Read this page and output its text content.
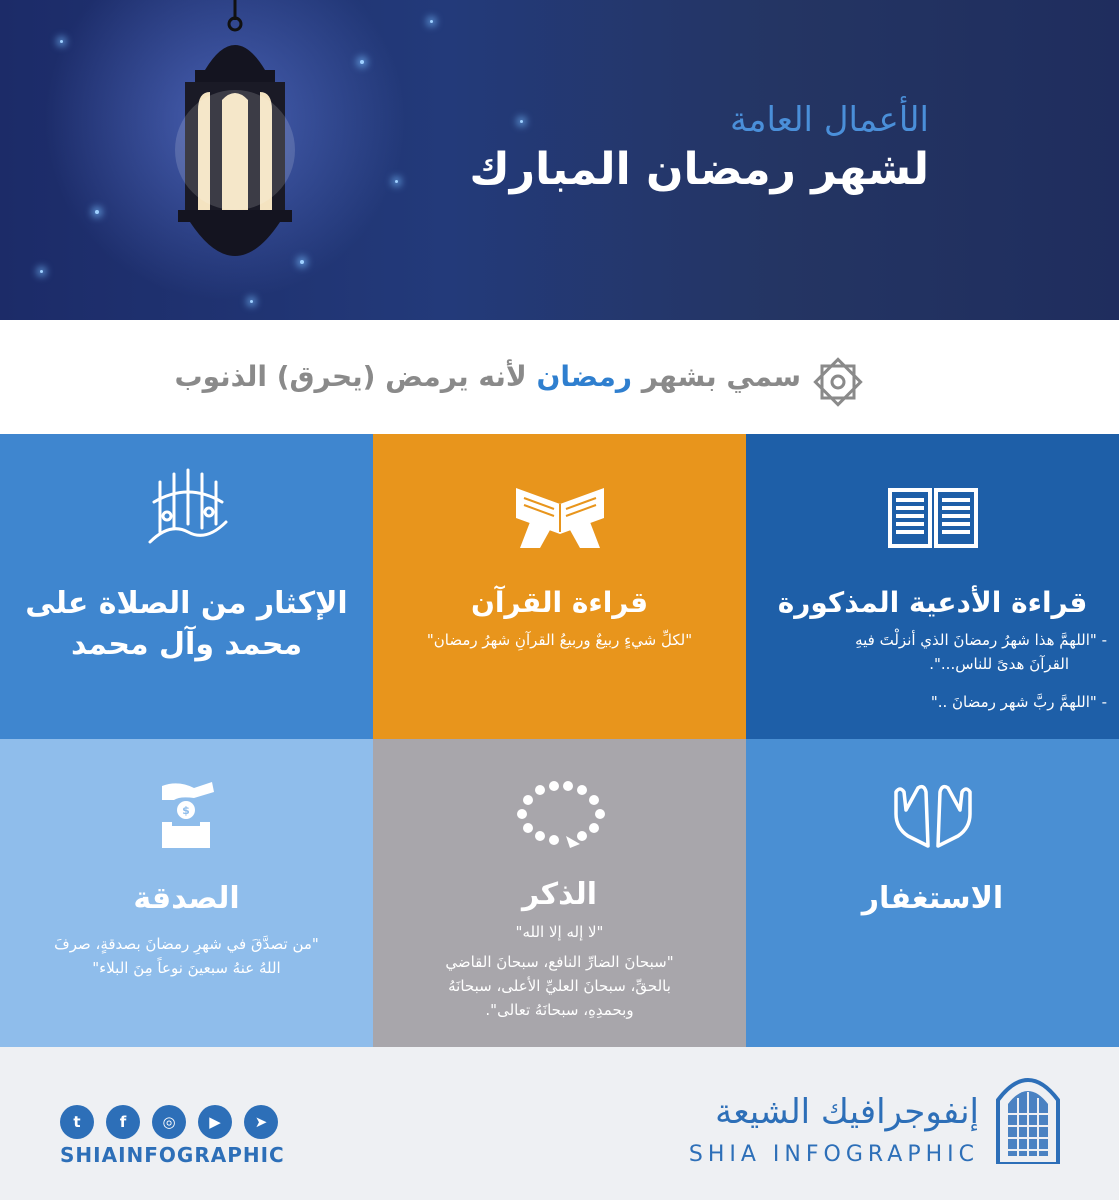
الأعمال العامة
لشهر رمضان المبارك
سمي بشهر رمضان لأنه يرمض (يحرق) الذنوب
قراءة الأدعية المذكورة
- "اللهمَّ هذا شهرُ رمضانَ الذي أنزلْتَ فيهِ
القرآنَ هدىً للناس...".
- "اللهمَّ ربَّ شهر رمضانَ .."
قراءة القرآن
"لكلِّ شيءٍ ربيعٌ وربيعُ القرآنِ شهرُ رمضان"
الإكثار من الصلاة على
محمد وآل محمد
الاستغفار
الذكر
"لا إله إلا الله"
"سبحانَ الضارِّ النافع، سبحانَ القاضي
بالحقِّ، سبحانَ العليِّ الأعلى، سبحانَهُ
وبحمدِهِ، سبحانَهُ تعالى".
الصدقة
"من تصدَّقَ في شهرِ رمضانَ بصدقةٍ، صرفَ
اللهُ عنهُ سبعينَ نوعاً مِنَ البلاء"
$
t	f	◎	▶	➤
SHIAINFOGRAPHIC
إنفوجرافيك الشيعة
SHIA INFOGRAPHIC
